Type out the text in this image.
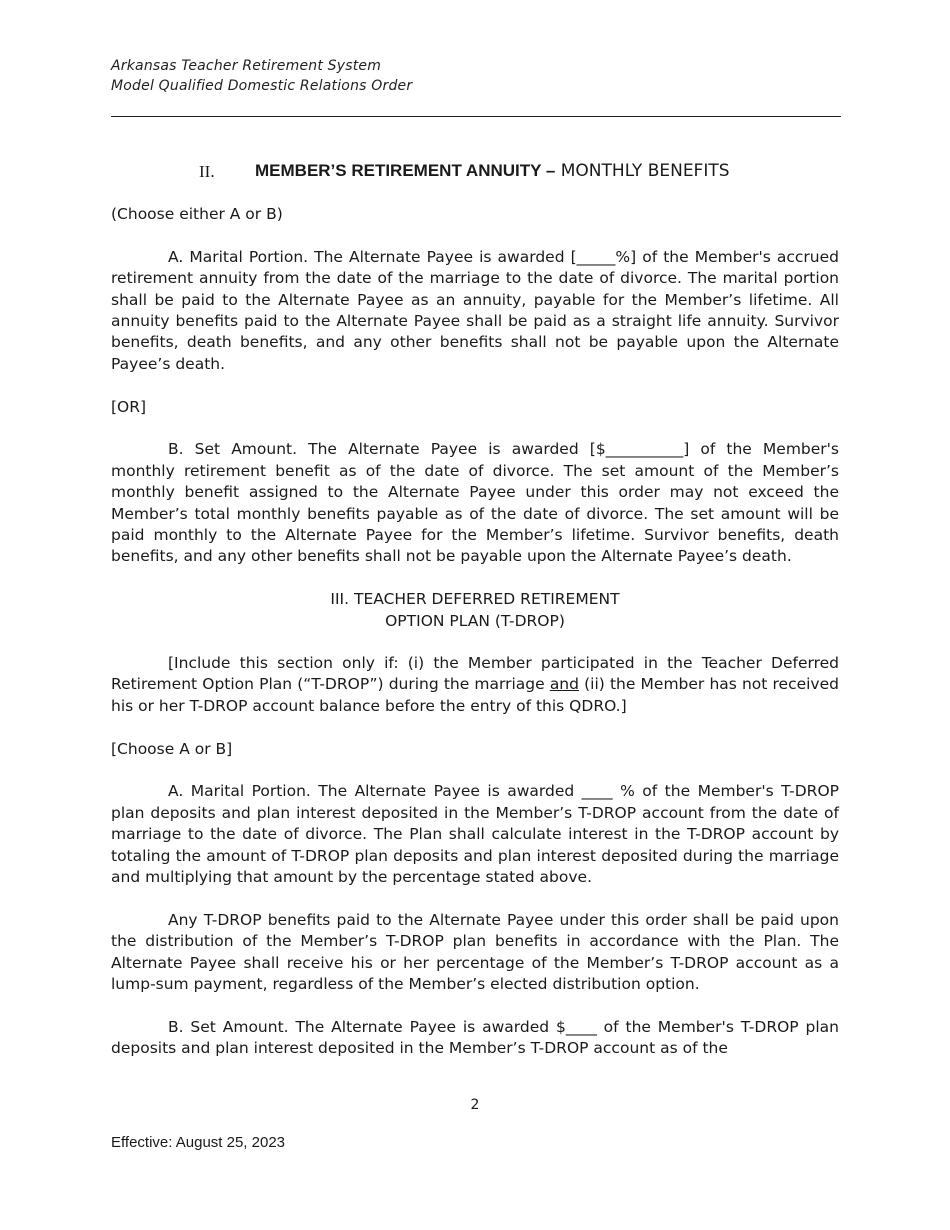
Arkansas Teacher Retirement System
Model Qualified Domestic Relations Order
II. MEMBER’S RETIREMENT ANNUITY – MONTHLY BENEFITS

(Choose either A or B)

A. Marital Portion. The Alternate Payee is awarded [_____%] of the Member's accrued retirement annuity from the date of the marriage to the date of divorce. The marital portion shall be paid to the Alternate Payee as an annuity, payable for the Member’s lifetime. All annuity benefits paid to the Alternate Payee shall be paid as a straight life annuity. Survivor benefits, death benefits, and any other benefits shall not be payable upon the Alternate Payee’s death.

[OR]

B. Set Amount. The Alternate Payee is awarded [$__________] of the Member's monthly retirement benefit as of the date of divorce. The set amount of the Member’s monthly benefit assigned to the Alternate Payee under this order may not exceed the Member’s total monthly benefits payable as of the date of divorce. The set amount will be paid monthly to the Alternate Payee for the Member’s lifetime. Survivor benefits, death benefits, and any other benefits shall not be payable upon the Alternate Payee’s death.

III. TEACHER DEFERRED RETIREMENT
OPTION PLAN (T-DROP)

[Include this section only if: (i) the Member participated in the Teacher Deferred Retirement Option Plan (“T-DROP”) during the marriage and (ii) the Member has not received his or her T-DROP account balance before the entry of this QDRO.]

[Choose A or B]

A. Marital Portion. The Alternate Payee is awarded ____ % of the Member's T-DROP plan deposits and plan interest deposited in the Member’s T-DROP account from the date of marriage to the date of divorce. The Plan shall calculate interest in the T-DROP account by totaling the amount of T-DROP plan deposits and plan interest deposited during the marriage and multiplying that amount by the percentage stated above.

Any T-DROP benefits paid to the Alternate Payee under this order shall be paid upon the distribution of the Member’s T-DROP plan benefits in accordance with the Plan. The Alternate Payee shall receive his or her percentage of the Member’s T-DROP account as a lump-sum payment, regardless of the Member’s elected distribution option.

B. Set Amount. The Alternate Payee is awarded $____ of the Member's T-DROP plan deposits and plan interest deposited in the Member’s T-DROP account as of the

2
Effective: August 25, 2023
